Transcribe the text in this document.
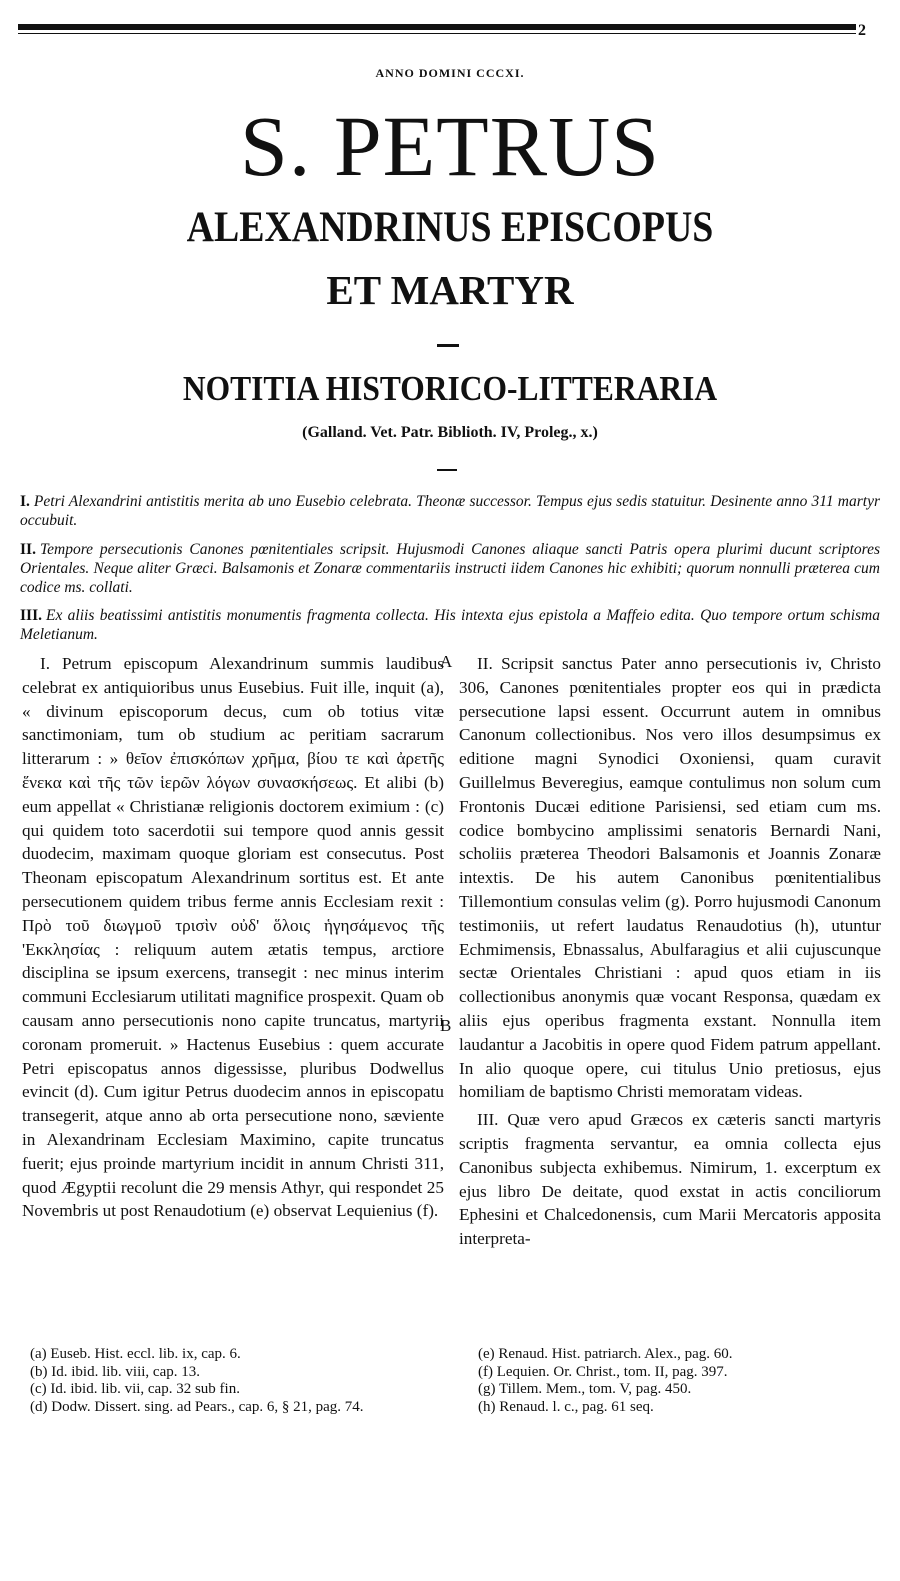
2
ANNO DOMINI CCCXI.
S. PETRUS
ALEXANDRINUS EPISCOPUS
ET MARTYR
NOTITIA HISTORICO-LITTERARIA
(Galland. Vet. Patr. Biblioth. IV, Proleg., x.)
I. Petri Alexandrini antistitis merita ab uno Eusebio celebrata. Theonæ successor. Tempus ejus sedis statuitur. Desinente anno 311 martyr occubuit.
II. Tempore persecutionis Canones pœnitentiales scripsit. Hujusmodi Canones aliaque sancti Patris opera plurimi ducunt scriptores Orientales. Neque aliter Græci. Balsamonis et Zonaræ commentariis instructi iidem Canones hic exhibiti; quorum nonnulli præterea cum codice ms. collati.
III. Ex aliis beatissimi antistitis monumentis fragmenta collecta. His intexta ejus epistola a Maffeio edita. Quo tempore ortum schisma Meletianum.

I. Petrum episcopum Alexandrinum summis laudibus celebrat ex antiquioribus unus Eusebius. Fuit ille, inquit (a), « divinum episcoporum decus, cum ob totius vitæ sanctimoniam, tum ob studium ac peritiam sacrarum litterarum : » θεῖον ἐπισκόπων χρῆμα, βίου τε καὶ ἀρετῆς ἕνεκα καὶ τῆς τῶν ἱερῶν λόγων συνασκήσεως. Et alibi (b) eum appellat « Christianæ religionis doctorem eximium : (c) qui quidem toto sacerdotii sui tempore quod annis gessit duodecim, maximam quoque gloriam est consecutus. Post Theonam episcopatum Alexandrinum sortitus est. Et ante persecutionem quidem tribus ferme annis Ecclesiam rexit : Πρὸ τοῦ διωγμοῦ τρισὶν οὐδ' ὅλοις ἡγησάμενος τῆς 'Εκκλησίας : reliquum autem ætatis tempus, arctiore disciplina se ipsum exercens, transegit : nec minus interim communi Ecclesiarum utilitati magnifice prospexit. Quam ob causam anno persecutionis nono capite truncatus, martyrii coronam promeruit. » Hactenus Eusebius : quem accurate Petri episcopatus annos digessisse, pluribus Dodwellus evincit (d). Cum igitur Petrus duodecim annos in episcopatu transegerit, atque anno ab orta persecutione nono, sæviente in Alexandrinam Ecclesiam Maximino, capite truncatus fuerit; ejus proinde martyrium incidit in annum Christi 311, quod Ægyptii recolunt die 29 mensis Athyr, qui respondet 25 Novembris ut post Renaudotium (e) observat Lequienius (f).

A
B

II. Scripsit sanctus Pater anno persecutionis iv, Christo 306, Canones pœnitentiales propter eos qui in prædicta persecutione lapsi essent. Occurrunt autem in omnibus Canonum collectionibus. Nos vero illos desumpsimus ex editione magni Synodici Oxoniensi, quam curavit Guillelmus Beveregius, eamque contulimus non solum cum Frontonis Ducæi editione Parisiensi, sed etiam cum ms. codice bombycino amplissimi senatoris Bernardi Nani, scholiis præterea Theodori Balsamonis et Joannis Zonaræ intextis. De his autem Canonibus pœnitentialibus Tillemontium consulas velim (g). Porro hujusmodi Canonum testimoniis, ut refert laudatus Renaudotius (h), utuntur Echmimensis, Ebnassalus, Abulfaragius et alii cujuscunque sectæ Orientales Christiani : apud quos etiam in iis collectionibus anonymis quæ vocant Responsa, quædam ex aliis ejus operibus fragmenta exstant. Nonnulla item laudantur a Jacobitis in opere quod Fidem patrum appellant. In alio quoque opere, cui titulus Unio pretiosus, ejus homiliam de baptismo Christi memoratam videas.

III. Quæ vero apud Græcos ex cæteris sancti martyris scriptis fragmenta servantur, ea omnia collecta ejus Canonibus subjecta exhibemus. Nimirum, 1. excerptum ex ejus libro De deitate, quod exstat in actis conciliorum Ephesini et Chalcedonensis, cum Marii Mercatoris apposita interpreta-

(a) Euseb. Hist. eccl. lib. ix, cap. 6.
(b) Id. ibid. lib. viii, cap. 13.
(c) Id. ibid. lib. vii, cap. 32 sub fin.
(d) Dodw. Dissert. sing. ad Pears., cap. 6, § 21, pag. 74.
(e) Renaud. Hist. patriarch. Alex., pag. 60.
(f) Lequien. Or. Christ., tom. II, pag. 397.
(g) Tillem. Mem., tom. V, pag. 450.
(h) Renaud. l. c., pag. 61 seq.
